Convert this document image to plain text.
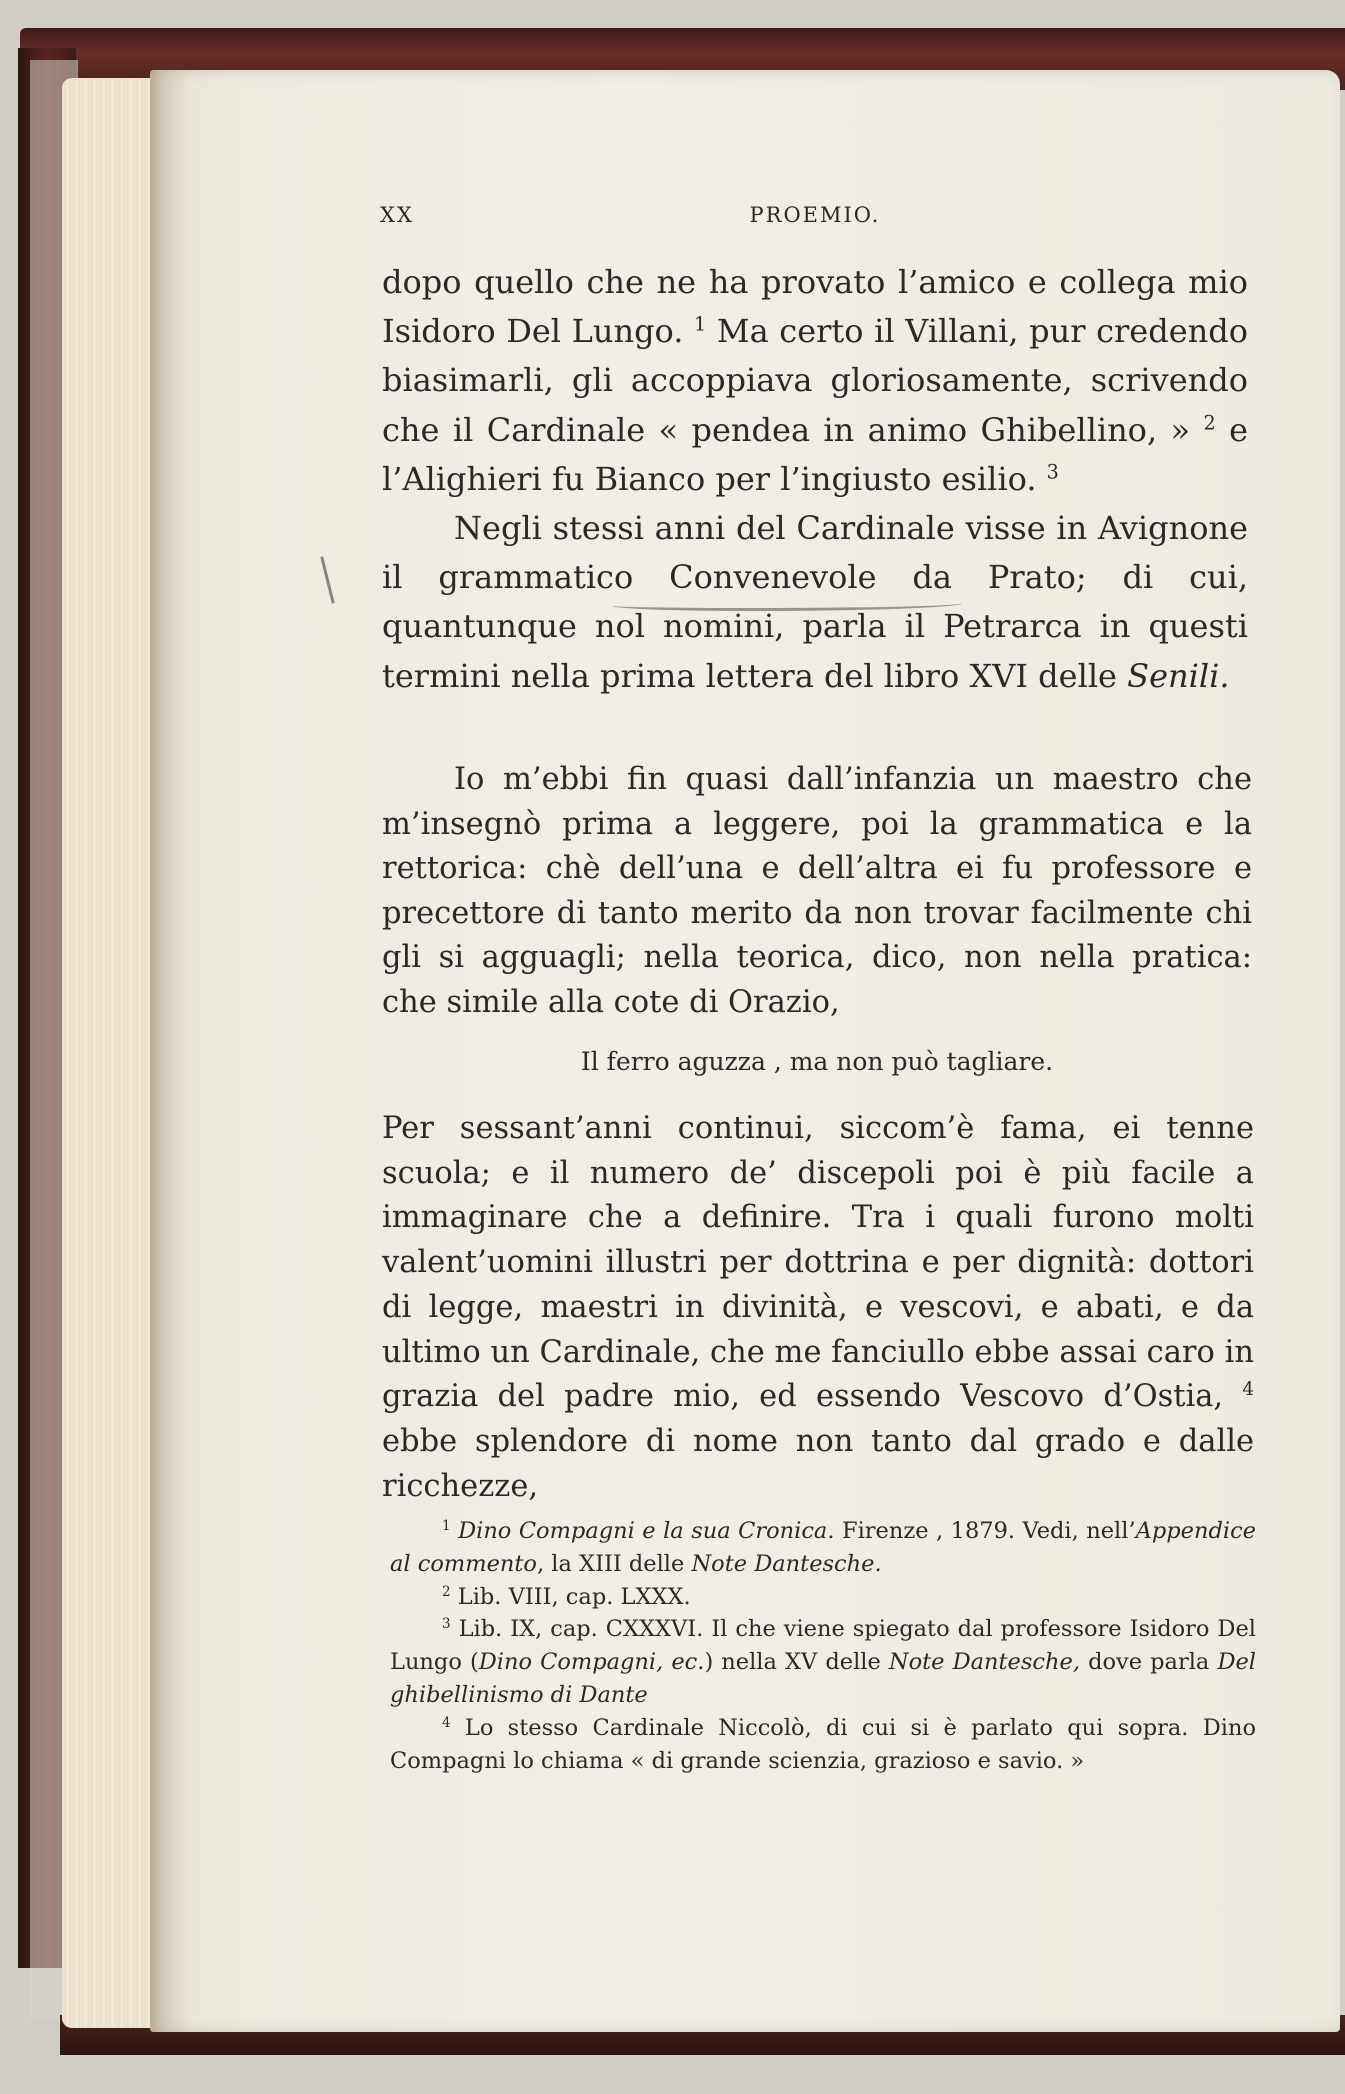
XX	PROEMIO.

dopo quello che ne ha provato l’amico e collega mio Isidoro Del Lungo. $^1$ Ma certo il Villani, pur credendo biasimarli, gli accoppiava gloriosamente, scrivendo che il Cardinale « pendea in animo Ghibellino, » $^2$ e l’Alighieri fu Bianco per l’ingiusto esilio. $^3$

Negli stessi anni del Cardinale visse in Avignone il grammatico Convenevole da Prato; di cui, quantunque nol nomini, parla il Petrarca in questi termini nella prima lettera del libro XVI delle Senili.

Io m’ebbi fin quasi dall’infanzia un maestro che m’insegnò prima a leggere, poi la grammatica e la rettorica: chè dell’una e dell’altra ei fu professore e precettore di tanto merito da non trovar facilmente chi gli si agguagli; nella teorica, dico, non nella pratica: che simile alla cote di Orazio,

Il ferro aguzza , ma non può tagliare.

Per sessant’anni continui, siccom’è fama, ei tenne scuola; e il numero de’ discepoli poi è più facile a immaginare che a definire. Tra i quali furono molti valent’uomini illustri per dottrina e per dignità: dottori di legge, maestri in divinità, e vescovi, e abati, e da ultimo un Cardinale, che me fanciullo ebbe assai caro in grazia del padre mio, ed essendo Vescovo d’Ostia, $^4$ ebbe splendore di nome non tanto dal grado e dalle ricchezze,

$^1$ Dino Compagni e la sua Cronica. Firenze , 1879. Vedi, nell’Appendice al commento, la XIII delle Note Dantesche.

$^2$ Lib. VIII, cap. LXXX.

$^3$ Lib. IX, cap. CXXXVI. Il che viene spiegato dal professore Isidoro Del Lungo (Dino Compagni, ec.) nella XV delle Note Dantesche, dove parla Del ghibellinismo di Dante

$^4$ Lo stesso Cardinale Niccolò, di cui si è parlato qui sopra. Dino Compagni lo chiama « di grande scienzia, grazioso e savio. »
